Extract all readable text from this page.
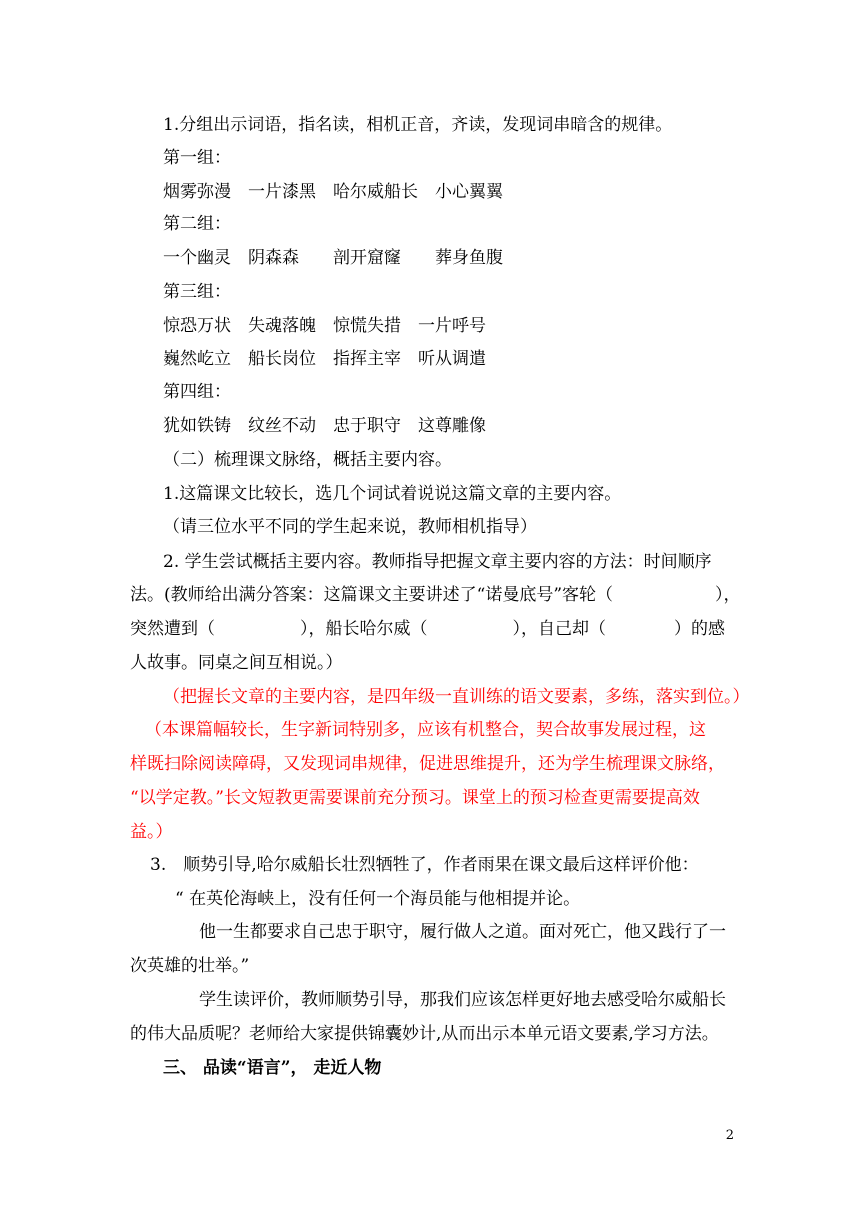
1.分组出示词语，指名读，相机正音，齐读，发现词串暗含的规律。
第一组：
烟雾弥漫　一片漆黑　哈尔威船长　小心翼翼
第二组：
一个幽灵　阴森森　　剖开窟窿　　葬身鱼腹
第三组：
惊恐万状　失魂落魄　惊慌失措　一片呼号
巍然屹立　船长岗位　指挥主宰　听从调遣
第四组：
犹如铁铸　纹丝不动　忠于职守　这尊雕像
（二）梳理课文脉络，概括主要内容。
1.这篇课文比较长，选几个词试着说说这篇文章的主要内容。
（请三位水平不同的学生起来说，教师相机指导）
2. 学生尝试概括主要内容。教师指导把握文章主要内容的方法：时间顺序
法。(教师给出满分答案：这篇课文主要讲述了“诺曼底号”客轮（　　　　　　），
突然遭到（　　　　　），船长哈尔威（　　　　　），自己却（　　　　）的感
人故事。同桌之间互相说。）
（把握长文章的主要内容，是四年级一直训练的语文要素，多练，落实到位。）
（本课篇幅较长，生字新词特别多，应该有机整合，契合故事发展过程，这
样既扫除阅读障碍，又发现词串规律，促进思维提升，还为学生梳理课文脉络，
“以学定教。”长文短教更需要课前充分预习。课堂上的预习检查更需要提高效
益。）
3.　顺势引导,哈尔威船长壮烈牺牲了，作者雨果在课文最后这样评价他：
“ 在英伦海峡上，没有任何一个海员能与他相提并论。
他一生都要求自己忠于职守，履行做人之道。面对死亡，他又践行了一
次英雄的壮举。”
学生读评价，教师顺势引导，那我们应该怎样更好地去感受哈尔威船长
的伟大品质呢？老师给大家提供锦囊妙计,从而出示本单元语文要素,学习方法。
三、 品读“语言”， 走近人物
2
